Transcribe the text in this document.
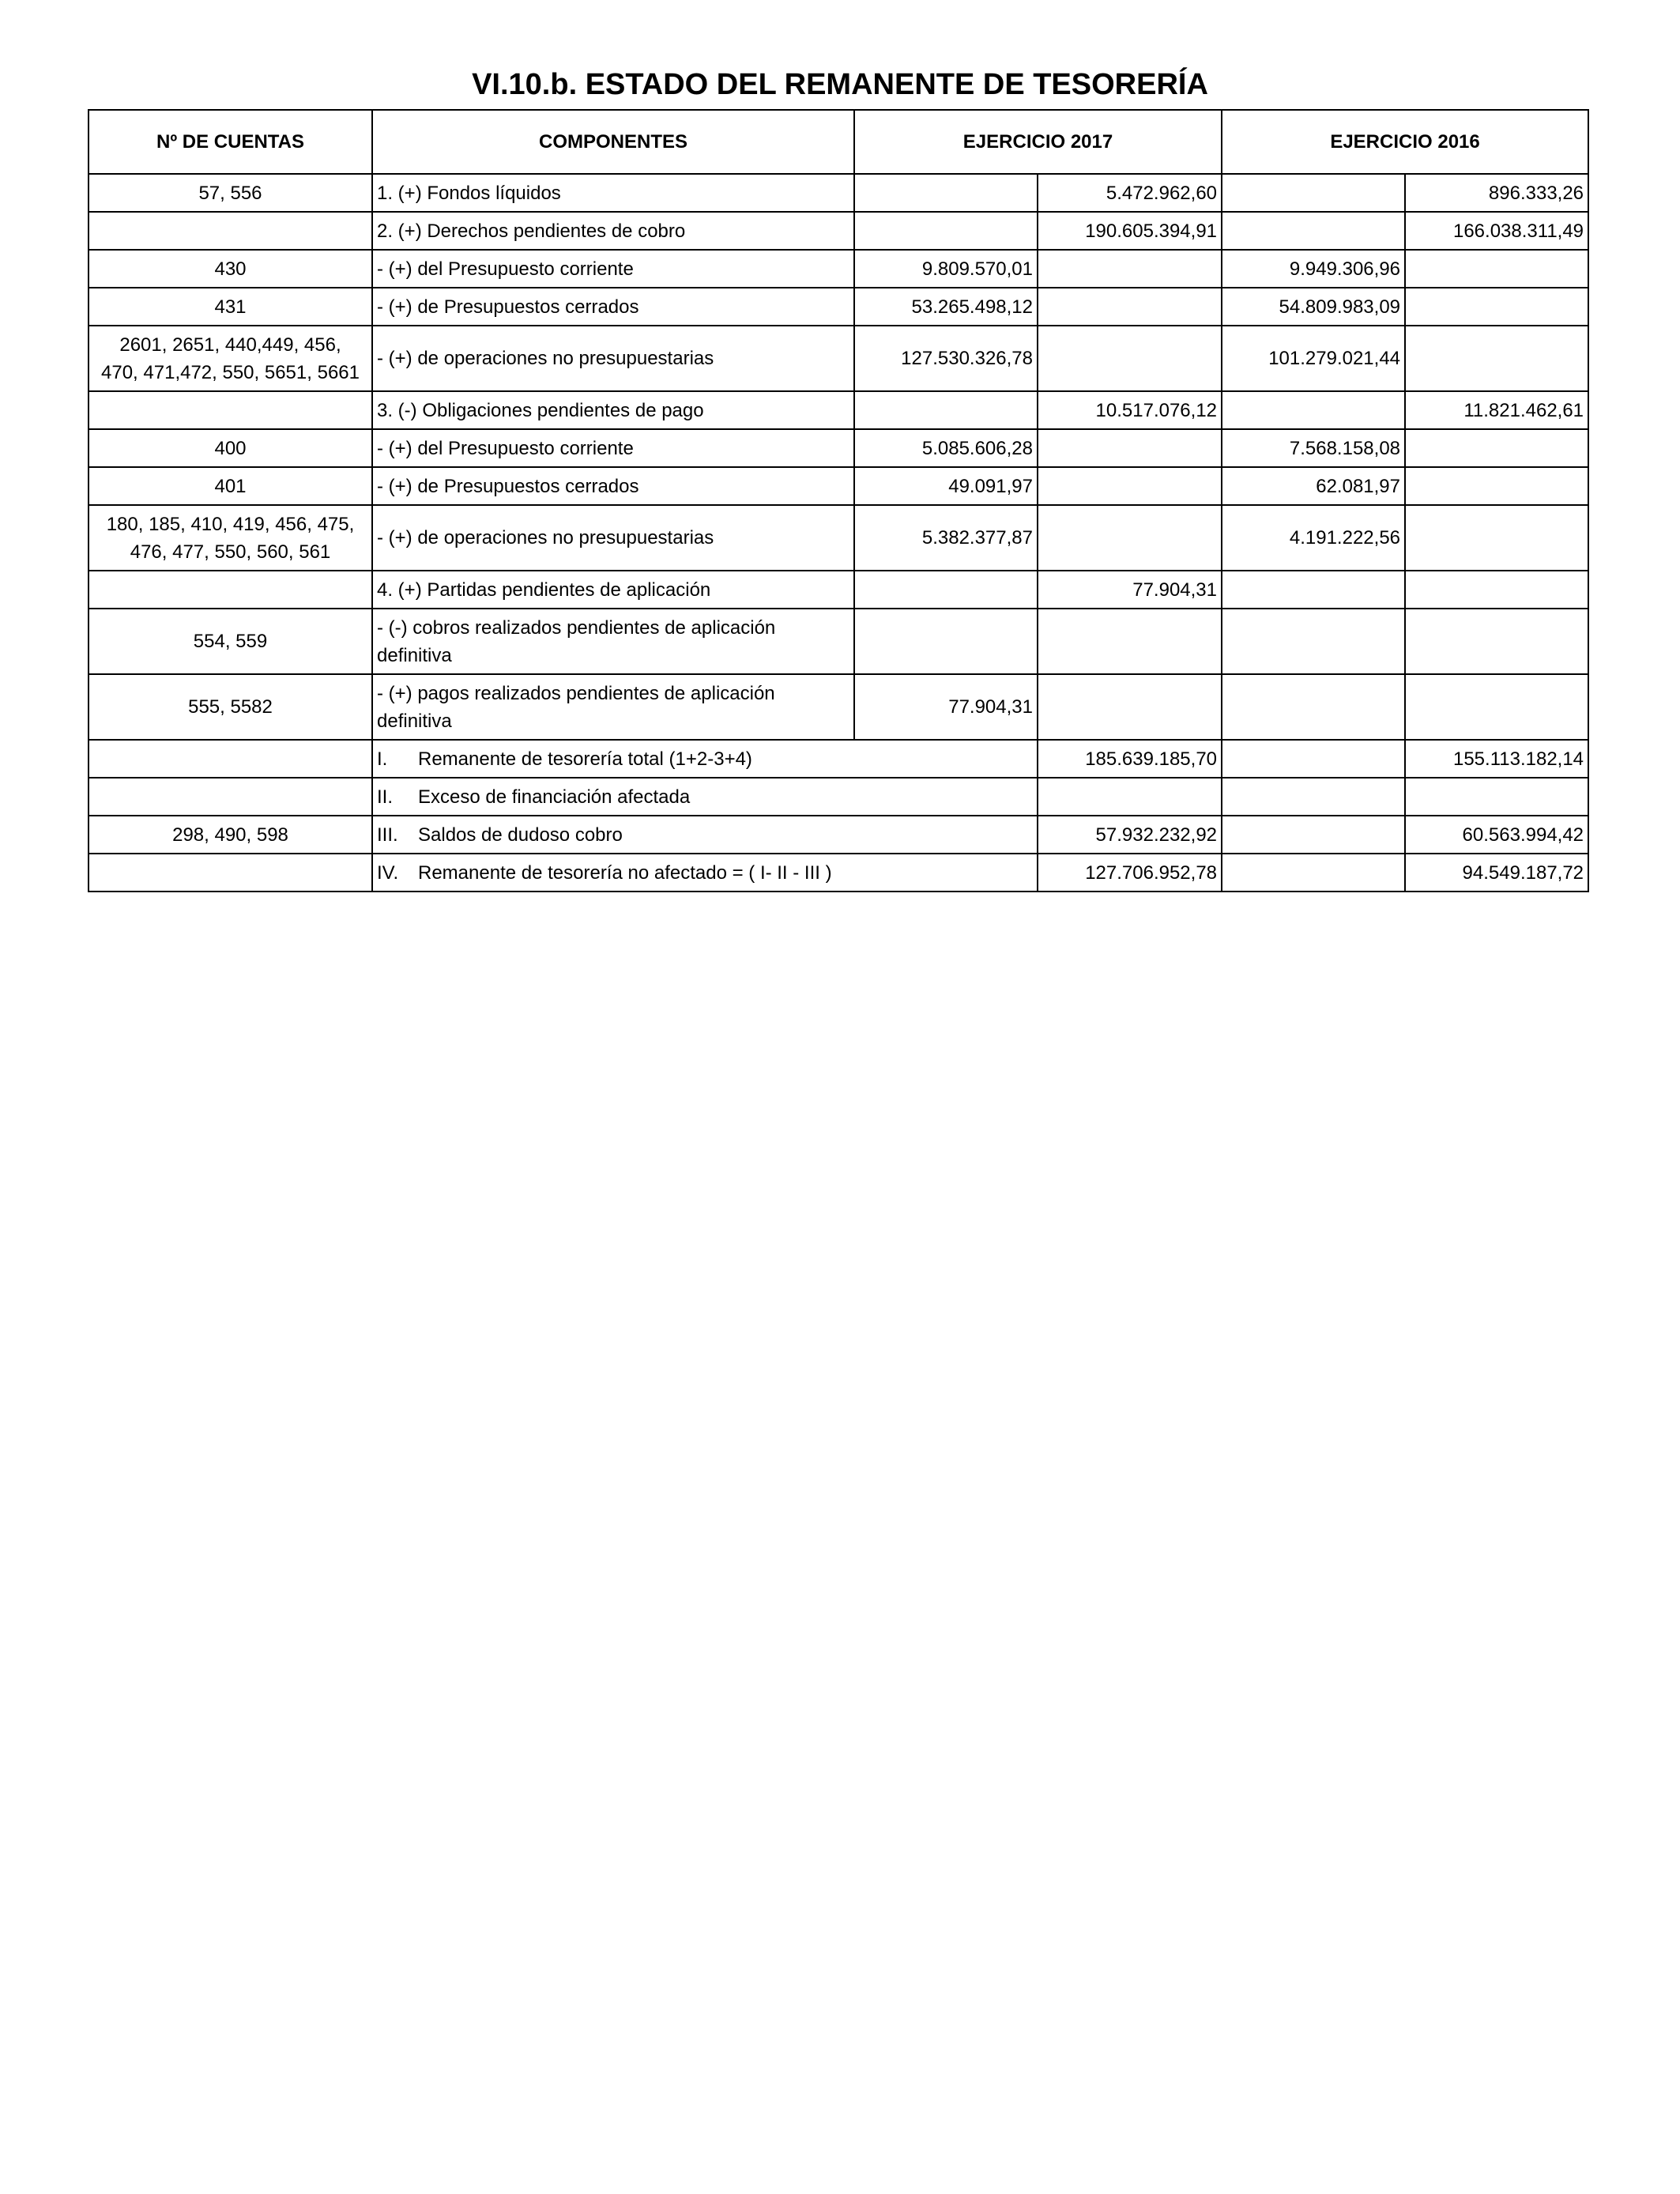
VI.10.b. ESTADO DEL REMANENTE DE TESORERÍA
Nº DE CUENTAS	COMPONENTES	EJERCICIO 2017		EJERCICIO 2016	
57, 556	1. (+) Fondos líquidos		5.472.962,60		896.333,26
	2. (+) Derechos pendientes de cobro		190.605.394,91		166.038.311,49
430	- (+) del Presupuesto corriente	9.809.570,01		9.949.306,96	
431	- (+) de Presupuestos cerrados	53.265.498,12		54.809.983,09	
2601, 2651, 440,449, 456,
470, 471,472, 550, 5651, 5661	- (+) de operaciones no presupuestarias	127.530.326,78		101.279.021,44	
	3. (-) Obligaciones pendientes de pago		10.517.076,12		11.821.462,61
400	- (+) del Presupuesto corriente	5.085.606,28		7.568.158,08	
401	- (+) de Presupuestos cerrados	49.091,97		62.081,97	
180, 185, 410, 419, 456, 475,
476, 477, 550, 560, 561	- (+) de operaciones no presupuestarias	5.382.377,87		4.191.222,56	
	4. (+) Partidas pendientes de aplicación		77.904,31		
554, 559	- (-) cobros realizados pendientes de aplicación
definitiva				
555, 5582	- (+) pagos realizados pendientes de aplicación
definitiva	77.904,31			
	I. Remanente de tesorería total (1+2-3+4)		185.639.185,70		155.113.182,14
	II. Exceso de financiación afectada				
298, 490, 598	III. Saldos de dudoso cobro		57.932.232,92		60.563.994,42
	IV. Remanente de tesorería no afectado = ( I- II - III )		127.706.952,78		94.549.187,72
